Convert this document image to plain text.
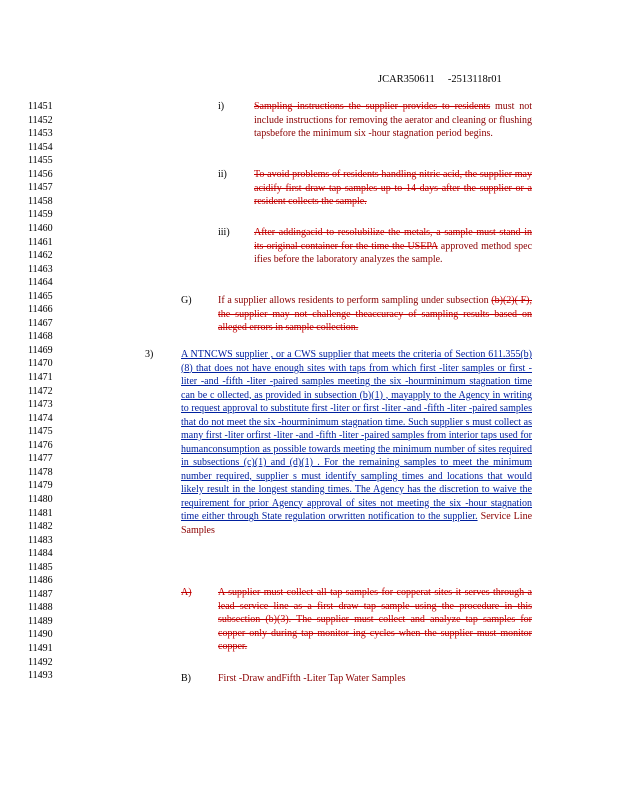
JCAR350611     -2513118r01
11451
11452
11453
11454
11455
11456
11457
11458
11459
11460
11461
11462
11463
11464
11465
11466
11467
11468
11469
11470
11471
11472
11473
11474
11475
11476
11477
11478
11479
11480
11481
11482
11483
11484
11485
11486
11487
11488
11489
11490
11491
11492
11493
i)	Sampling instructions the supplier provides to residents must not include instructions for removing the aerator and cleaning or flushing tapsbefore the minimum six -hour stagnation period begins.
ii)	To avoid problems of residents handling nitric acid, the supplier may acidify first draw tap samples up to 14 days after the supplier or a resident collects the sample.
iii) After addingacid to resolubilize the metals, a sample must stand in its original container for the time the USEPA approved method spec ifies before the laboratory analyzes the sample.
G)	If a supplier allows residents to perform sampling under subsection (b)(2)( F), the supplier may not challenge theaccuracy of sampling results based on alleged errors in sample collection.
3)	A NTNCWS supplier , or a CWS supplier that meets the criteria of Section 611.355(b)(8) that does not have enough sites with taps from which first -liter samples or first -liter -and -fifth -liter -paired samples meeting the six -hourminimum stagnation time can be c ollected, as provided in subsection (b)(1) , mayapply to the Agency in writing to request approval to substitute first -liter or first -liter -and -fifth -liter -paired samples that do not meet the six -hourminimum stagnation time. Such supplier s must collect as many first -liter orfirst -liter -and -fifth -liter -paired samples from interior taps used for humanconsumption as possible towards meeting the minimum number of sites required in subsections (c)(1) and (d)(1) . For the remaining samples to meet the minimum number required, supplier s must identify sampling times and locations that would likely result in the longest standing times. The Agency has the discretion to waive the requirement for prior Agency approval of sites not meeting the six -hour stagnation time either through State regulation orwritten notification to the supplier. Service Line Samples
A)	A supplier must collect all tap samples for copperat sites it serves through a lead service line as a first draw tap sample using the procedure in this subsection (b)(3). The supplier must collect and analyze tap samples for copper only during tap monitor ing cycles when the supplier must monitor copper.
B)	First -Draw andFifth -Liter Tap Water Samples
